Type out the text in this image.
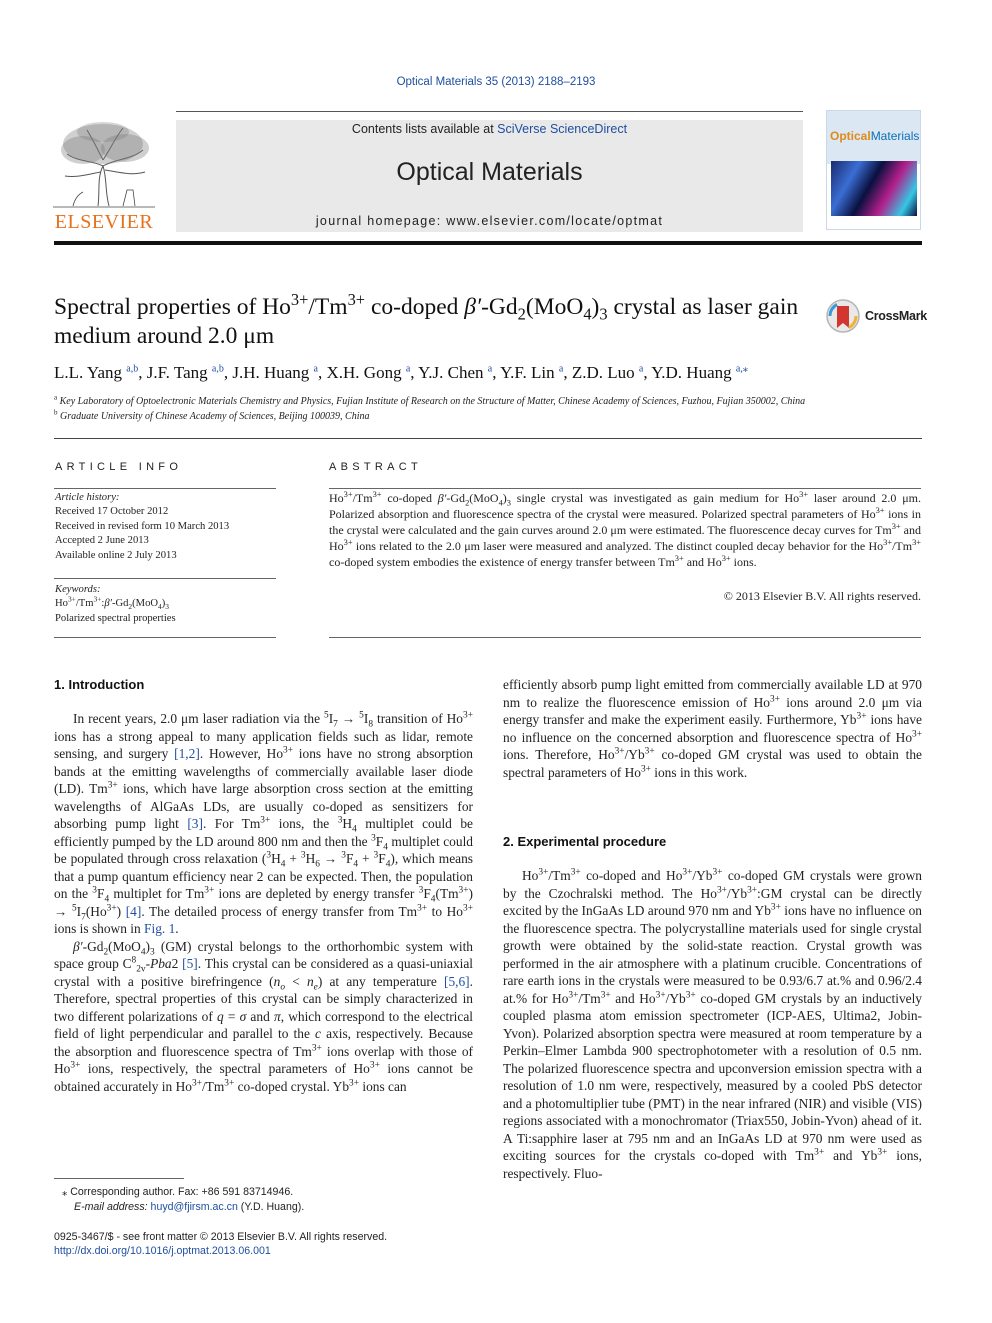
Optical Materials 35 (2013) 2188–2193
ELSEVIER
Contents lists available at SciVerse ScienceDirect
Optical Materials
journal homepage: www.elsevier.com/locate/optmat
OpticalMaterials
Spectral properties of $Ho^{3+}/Tm^{3+}$ co-doped $\beta'-Gd_2(MoO_4)_3$ crystal as laser gain medium around 2.0 μm
CrossMark
L.L. Yang $^{a,b}$, J.F. Tang $^{a,b}$, J.H. Huang $^a$, X.H. Gong $^a$, Y.J. Chen $^a$, Y.F. Lin $^a$, Z.D. Luo $^a$, Y.D. Huang $^{a,⁎}$
$^a$ Key Laboratory of Optoelectronic Materials Chemistry and Physics, Fujian Institute of Research on the Structure of Matter, Chinese Academy of Sciences, Fuzhou, Fujian 350002, China
$^b$ Graduate University of Chinese Academy of Sciences, Beijing 100039, China
ARTICLE INFO
Article history:
Received 17 October 2012
Received in revised form 10 March 2013
Accepted 2 June 2013
Available online 2 July 2013
Keywords:
$Ho^{3+}/Tm^{3+}:\beta'-Gd_2(MoO_4)_3$
Polarized spectral properties
ABSTRACT
$Ho^{3+}/Tm^{3+}$ co-doped $\beta'-Gd_2(MoO_4)_3$ single crystal was investigated as gain medium for $Ho^{3+}$ laser around 2.0 μm. Polarized absorption and fluorescence spectra of the crystal were measured. Polarized spectral parameters of $Ho^{3+}$ ions in the crystal were calculated and the gain curves around 2.0 μm were estimated. The fluorescence decay curves for $Tm^{3+}$ and $Ho^{3+}$ ions related to the 2.0 μm laser were measured and analyzed. The distinct coupled decay behavior for the $Ho^{3+}/Tm^{3+}$ co-doped system embodies the existence of energy transfer between $Tm^{3+}$ and $Ho^{3+}$ ions.
© 2013 Elsevier B.V. All rights reserved.
1. Introduction

In recent years, 2.0 μm laser radiation via the $^5I_7 \to ^5I_8$ transition of $Ho^{3+}$ ions has a strong appeal to many application fields such as lidar, remote sensing, and surgery [1,2]. However, $Ho^{3+}$ ions have no strong absorption bands at the emitting wavelengths of commercially available laser diode (LD). $Tm^{3+}$ ions, which have large absorption cross section at the emitting wavelengths of AlGaAs LDs, are usually co-doped as sensitizers for absorbing pump light [3]. For $Tm^{3+}$ ions, the $^3H_4$ multiplet could be efficiently pumped by the LD around 800 nm and then the $^3F_4$ multiplet could be populated through cross relaxation $(^3H_4 + ^3H_6 \to ^3F_4 + ^3F_4)$, which means that a pump quantum efficiency near 2 can be expected. Then, the population on the $^3F_4$ multiplet for $Tm^{3+}$ ions are depleted by energy transfer $^3F_4(Tm^{3+}) \to ^5I_7(Ho^{3+})$ [4]. The detailed process of energy transfer from $Tm^{3+}$ to $Ho^{3+}$ ions is shown in Fig. 1.

$\beta'-Gd_2(MoO_4)_3$ (GM) crystal belongs to the orthorhombic system with space group $C^8_{2v}-Pba2$ [5]. This crystal can be considered as a quasi-uniaxial crystal with a positive birefringence $(n_o < n_e)$ at any temperature [5,6]. Therefore, spectral properties of this crystal can be simply characterized in two different polarizations of q = σ and π, which correspond to the electrical field of light perpendicular and parallel to the c axis, respectively. Because the absorption and fluorescence spectra of $Tm^{3+}$ ions overlap with those of $Ho^{3+}$ ions, respectively, the spectral parameters of $Ho^{3+}$ ions cannot be obtained accurately in $Ho^{3+}/Tm^{3+}$ co-doped crystal. $Yb^{3+}$ ions can

efficiently absorb pump light emitted from commercially available LD at 970 nm to realize the fluorescence emission of $Ho^{3+}$ ions around 2.0 μm via energy transfer and make the experiment easily. Furthermore, $Yb^{3+}$ ions have no influence on the concerned absorption and fluorescence spectra of $Ho^{3+}$ ions. Therefore, $Ho^{3+}/Yb^{3+}$ co-doped GM crystal was used to obtain the spectral parameters of $Ho^{3+}$ ions in this work.

2. Experimental procedure

$Ho^{3+}/Tm^{3+}$ co-doped and $Ho^{3+}/Yb^{3+}$ co-doped GM crystals were grown by the Czochralski method. The $Ho^{3+}/Yb^{3+}:GM$ crystal can be directly excited by the InGaAs LD around 970 nm and $Yb^{3+}$ ions have no influence on the fluorescence spectra. The polycrystalline materials used for single crystal growth were obtained by the solid-state reaction. Crystal growth was performed in the air atmosphere with a platinum crucible. Concentrations of rare earth ions in the crystals were measured to be 0.93/6.7 at.% and 0.96/2.4 at.% for $Ho^{3+}/Tm^{3+}$ and $Ho^{3+}/Yb^{3+}$ co-doped GM crystals by an inductively coupled plasma atom emission spectrometer (ICP-AES, Ultima2, Jobin-Yvon). Polarized absorption spectra were measured at room temperature by a Perkin–Elmer Lambda 900 spectrophotometer with a resolution of 0.5 nm. The polarized fluorescence spectra and upconversion emission spectra with a resolution of 1.0 nm were, respectively, measured by a cooled PbS detector and a photomultiplier tube (PMT) in the near infrared (NIR) and visible (VIS) regions associated with a monochromator (Triax550, Jobin-Yvon) ahead of it. A Ti:sapphire laser at 795 nm and an InGaAs LD at 970 nm were used as exciting sources for the crystals co-doped with $Tm^{3+}$ and $Yb^{3+}$ ions, respectively. Fluo-

⁎ Corresponding author. Fax: +86 591 83714946.
E-mail address: huyd@fjirsm.ac.cn (Y.D. Huang).
0925-3467/$ - see front matter © 2013 Elsevier B.V. All rights reserved.
http://dx.doi.org/10.1016/j.optmat.2013.06.001
